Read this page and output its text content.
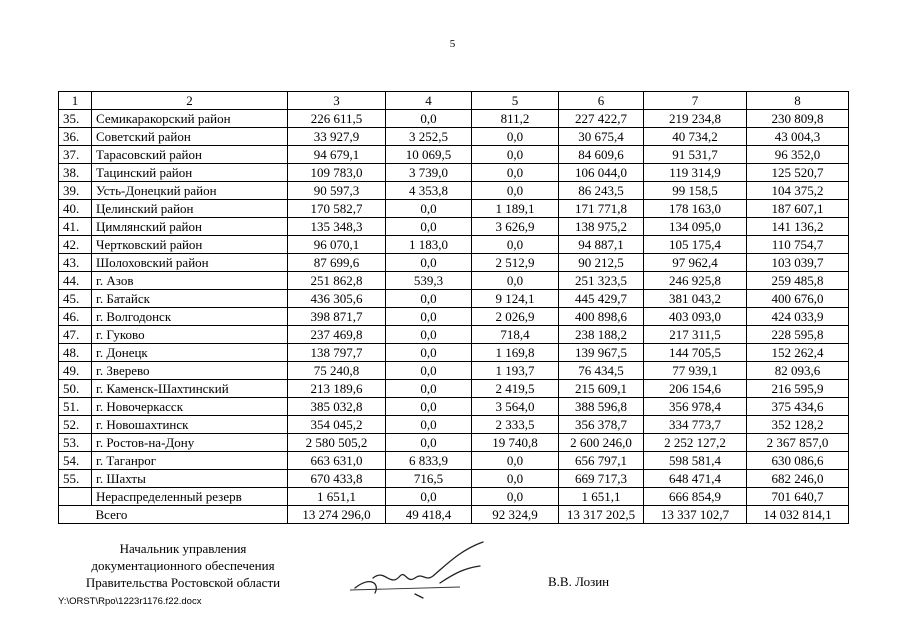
5
1	2	3	4	5	6	7	8
35.	Семикаракорский район	226 611,5	0,0	811,2	227 422,7	219 234,8	230 809,8
36.	Советский район	33 927,9	3 252,5	0,0	30 675,4	40 734,2	43 004,3
37.	Тарасовский район	94 679,1	10 069,5	0,0	84 609,6	91 531,7	96 352,0
38.	Тацинский район	109 783,0	3 739,0	0,0	106 044,0	119 314,9	125 520,7
39.	Усть-Донецкий район	90 597,3	4 353,8	0,0	86 243,5	99 158,5	104 375,2
40.	Целинский район	170 582,7	0,0	1 189,1	171 771,8	178 163,0	187 607,1
41.	Цимлянский район	135 348,3	0,0	3 626,9	138 975,2	134 095,0	141 136,2
42.	Чертковский район	96 070,1	1 183,0	0,0	94 887,1	105 175,4	110 754,7
43.	Шолоховский район	87 699,6	0,0	2 512,9	90 212,5	97 962,4	103 039,7
44.	г. Азов	251 862,8	539,3	0,0	251 323,5	246 925,8	259 485,8
45.	г. Батайск	436 305,6	0,0	9 124,1	445 429,7	381 043,2	400 676,0
46.	г. Волгодонск	398 871,7	0,0	2 026,9	400 898,6	403 093,0	424 033,9
47.	г. Гуково	237 469,8	0,0	718,4	238 188,2	217 311,5	228 595,8
48.	г. Донецк	138 797,7	0,0	1 169,8	139 967,5	144 705,5	152 262,4
49.	г. Зверево	75 240,8	0,0	1 193,7	76 434,5	77 939,1	82 093,6
50.	г. Каменск-Шахтинский	213 189,6	0,0	2 419,5	215 609,1	206 154,6	216 595,9
51.	г. Новочеркасск	385 032,8	0,0	3 564,0	388 596,8	356 978,4	375 434,6
52.	г. Новошахтинск	354 045,2	0,0	2 333,5	356 378,7	334 773,7	352 128,2
53.	г. Ростов-на-Дону	2 580 505,2	0,0	19 740,8	2 600 246,0	2 252 127,2	2 367 857,0
54.	г. Таганрог	663 631,0	6 833,9	0,0	656 797,1	598 581,4	630 086,6
55.	г. Шахты	670 433,8	716,5	0,0	669 717,3	648 471,4	682 246,0
	Нераспределенный резерв	1 651,1	0,0	0,0	1 651,1	666 854,9	701 640,7
	Всего	13 274 296,0	49 418,4	92 324,9	13 317 202,5	13 337 102,7	14 032 814,1
Начальник управления
документационного обеспечения
Правительства Ростовской области	В.В. Лозин
Y:\ORST\Rpo\1223r1176.f22.docx
